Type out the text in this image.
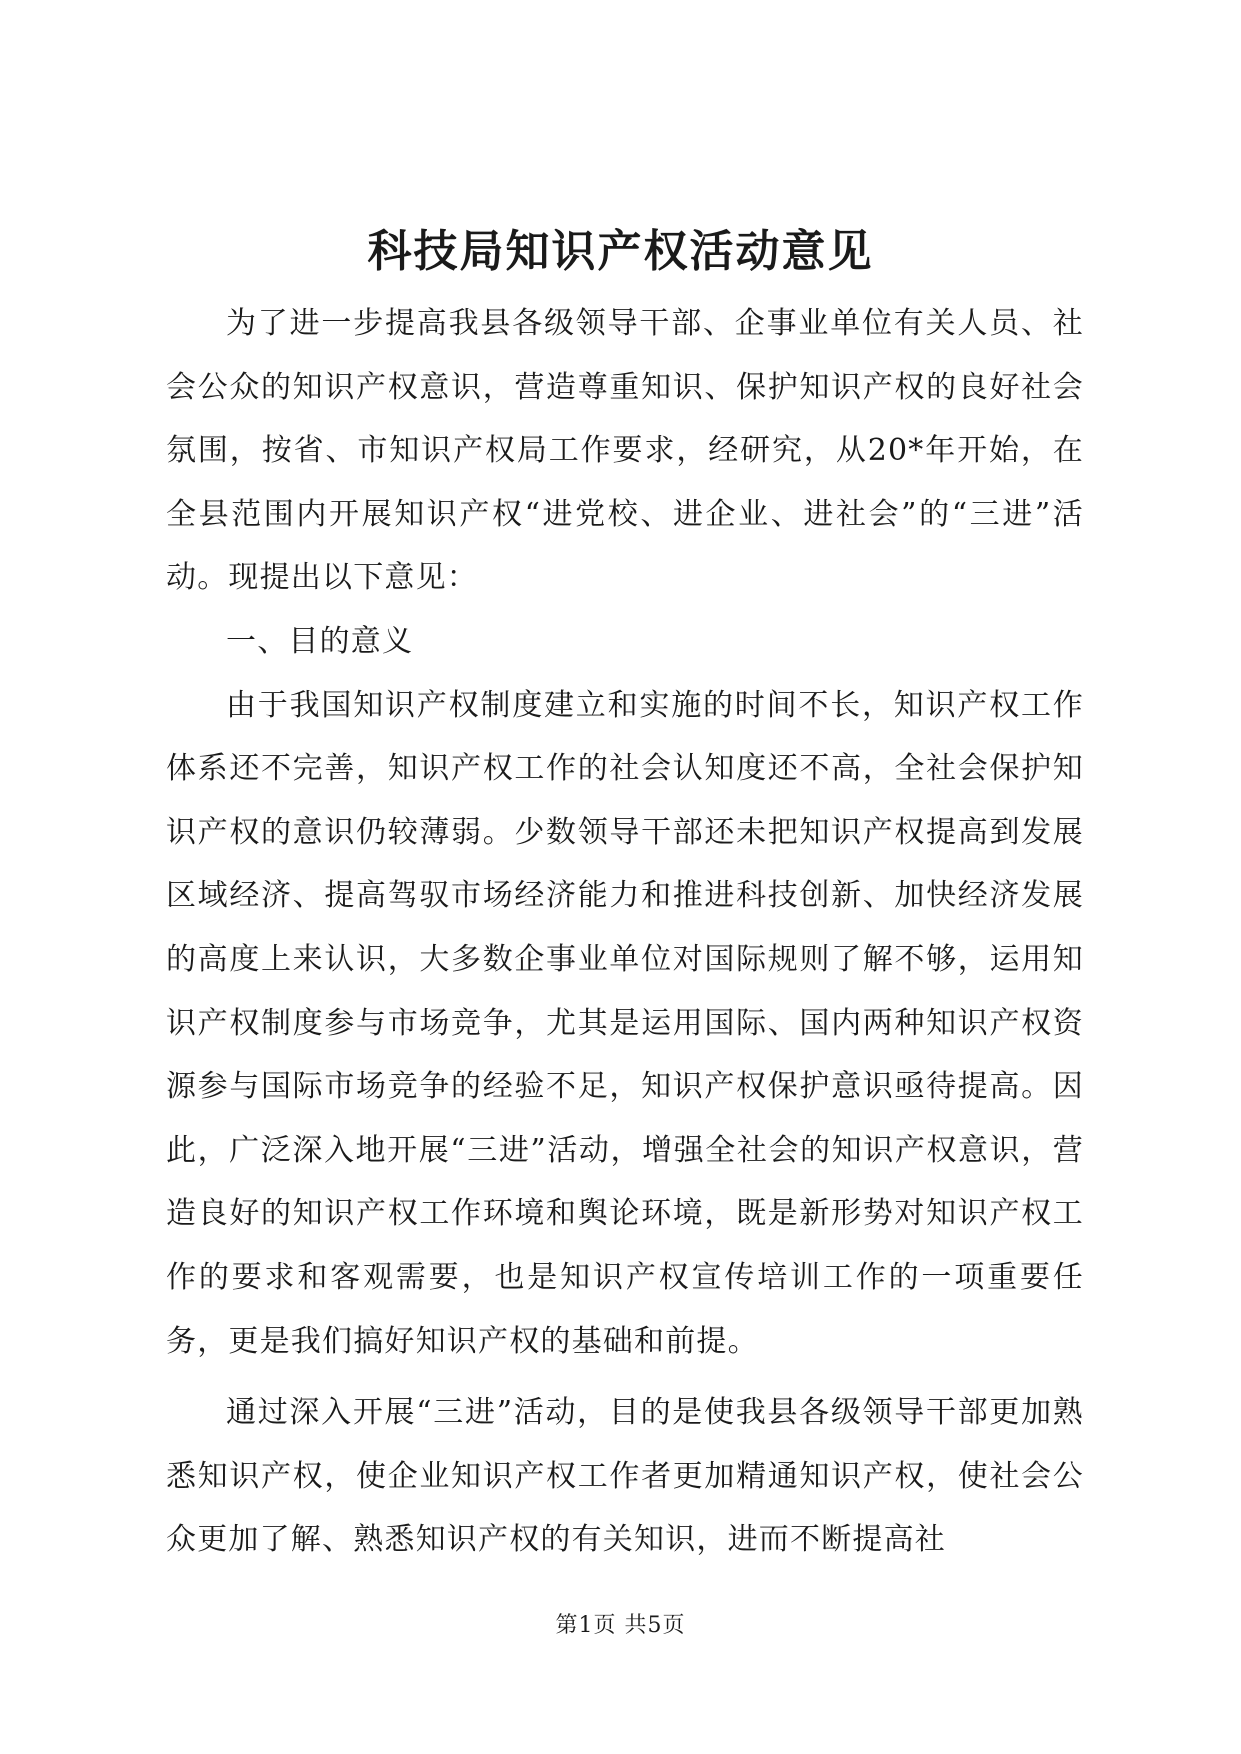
科技局知识产权活动意见

为了进一步提高我县各级领导干部、企事业单位有关人员、社会公众的知识产权意识，营造尊重知识、保护知识产权的良好社会氛围，按省、市知识产权局工作要求，经研究，从20*年开始，在全县范围内开展知识产权“进党校、进企业、进社会”的“三进”活动。现提出以下意见：

一、目的意义

由于我国知识产权制度建立和实施的时间不长，知识产权工作体系还不完善，知识产权工作的社会认知度还不高，全社会保护知识产权的意识仍较薄弱。少数领导干部还未把知识产权提高到发展区域经济、提高驾驭市场经济能力和推进科技创新、加快经济发展的高度上来认识，大多数企事业单位对国际规则了解不够，运用知识产权制度参与市场竞争，尤其是运用国际、国内两种知识产权资源参与国际市场竞争的经验不足，知识产权保护意识亟待提高。因此，广泛深入地开展“三进”活动，增强全社会的知识产权意识，营造良好的知识产权工作环境和舆论环境，既是新形势对知识产权工作的要求和客观需要，也是知识产权宣传培训工作的一项重要任务，更是我们搞好知识产权的基础和前提。

通过深入开展“三进”活动，目的是使我县各级领导干部更加熟悉知识产权，使企业知识产权工作者更加精通知识产权，使社会公众更加了解、熟悉知识产权的有关知识，进而不断提高社

第1页 共5页
